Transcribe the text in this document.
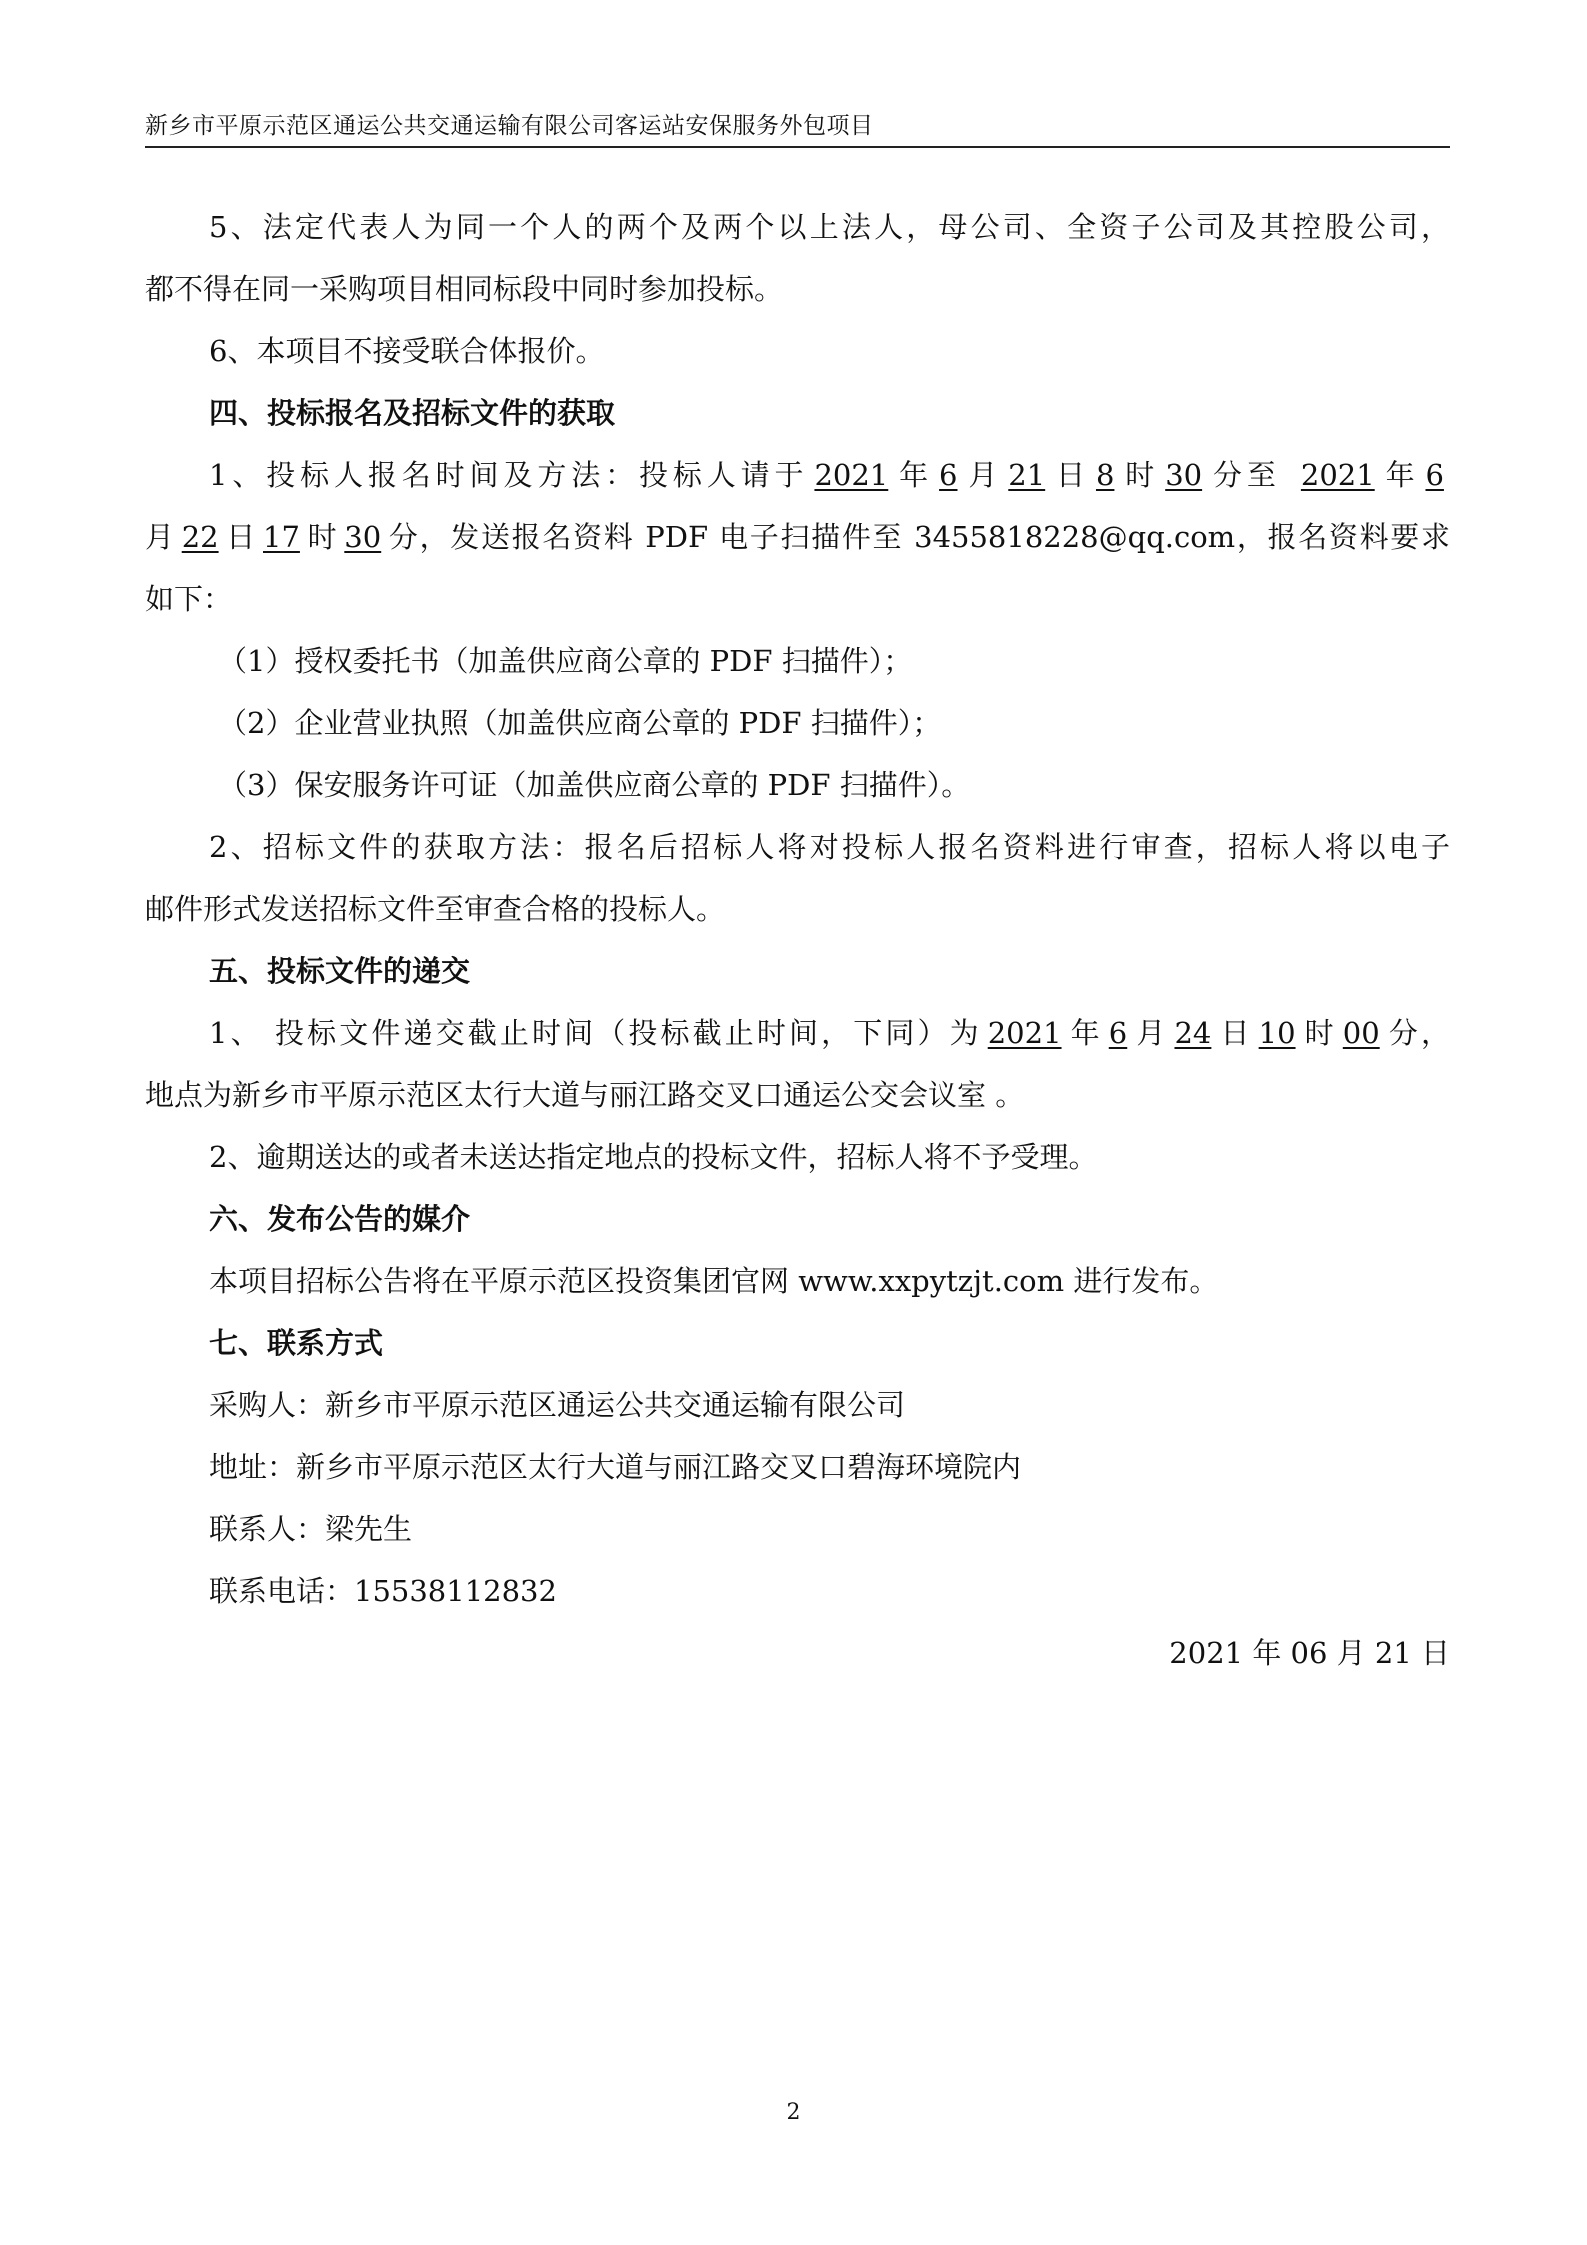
新乡市平原示范区通运公共交通运输有限公司客运站安保服务外包项目
5、法定代表人为同一个人的两个及两个以上法人，母公司、全资子公司及其控股公司，
都不得在同一采购项目相同标段中同时参加投标。
6、本项目不接受联合体报价。
四、投标报名及招标文件的获取
1、投标人报名时间及方法：投标人请于 2021 年 6 月 21 日 8 时 30 分至 2021 年 6
月 22 日 17 时 30 分，发送报名资料 PDF 电子扫描件至 3455818228@qq.com，报名资料要求
如下：
（1）授权委托书（加盖供应商公章的 PDF 扫描件）；
（2）企业营业执照（加盖供应商公章的 PDF 扫描件）；
（3）保安服务许可证（加盖供应商公章的 PDF 扫描件）。
2、招标文件的获取方法：报名后招标人将对投标人报名资料进行审查，招标人将以电子
邮件形式发送招标文件至审查合格的投标人。
五、投标文件的递交
1、 投标文件递交截止时间（投标截止时间，下同）为 2021 年 6 月 24 日 10 时 00 分，
地点为新乡市平原示范区太行大道与丽江路交叉口通运公交会议室 。
2、逾期送达的或者未送达指定地点的投标文件，招标人将不予受理。
六、发布公告的媒介
本项目招标公告将在平原示范区投资集团官网 www.xxpytzjt.com 进行发布。
七、联系方式
采购人：新乡市平原示范区通运公共交通运输有限公司
地址：新乡市平原示范区太行大道与丽江路交叉口碧海环境院内
联系人：梁先生
联系电话：15538112832
2021 年 06 月 21 日
2
